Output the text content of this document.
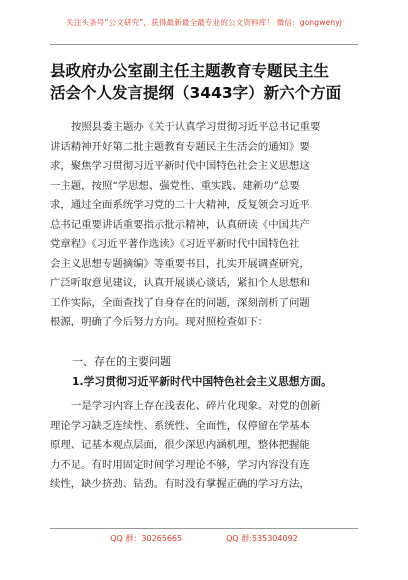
关注头条号“公文研究”，获得最新最全最专业的公文资料库！ 微信：gongwenyj
县政府办公室副主任主题教育专题民主生
活会个人发言提纲（3443字）新六个方面
按照县委主题办《关于认真学习贯彻习近平总书记重要
讲话精神开好第二批主题教育专题民主生活会的通知》要
求，聚焦学习贯彻习近平新时代中国特色社会主义思想这
一主题，按照“学思想、强党性、重实践、建新功”总要
求，通过全面系统学习党的二十大精神，反复领会习近平
总书记重要讲话重要指示批示精神，认真研读《中国共产
党章程》《习近平著作选读》《习近平新时代中国特色社
会主义思想专题摘编》等重要书目，扎实开展调查研究，
广泛听取意见建议，认真开展谈心谈话，紧扣个人思想和
工作实际，全面查找了自身存在的问题，深刻剖析了问题
根源，明确了今后努力方向。现对照检查如下：
一、存在的主要问题
1.学习贯彻习近平新时代中国特色社会主义思想方面。
一是学习内容上存在浅表化、碎片化现象。对党的创新
理论学习缺乏连续性、系统性、全面性，仅停留在学基本
原理、记基本观点层面，很少深思内涵机理，整体把握能
力不足。有时用固定时间学习理论不够，学习内容没有连
续性，缺少挤劲、钻劲。有时没有掌握正确的学习方法，
QQ 群：30265665	QQ 群:535304092
